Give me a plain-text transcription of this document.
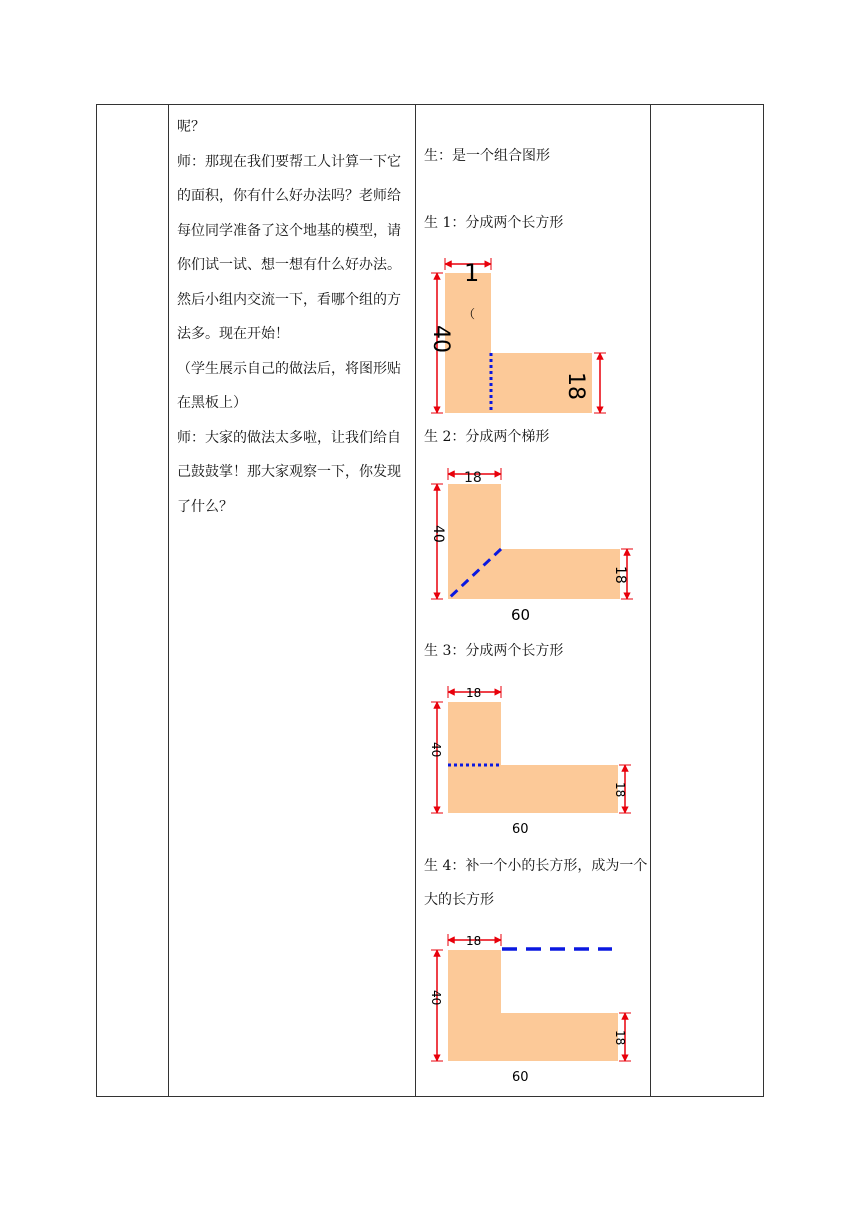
呢？

师：那现在我们要帮工人计算一下它的面积，你有什么好办法吗？老师给每位同学准备了这个地基的模型，请你们试一试、想一想有什么好办法。然后小组内交流一下，看哪个组的方法多。现在开始！

（学生展示自己的做法后，将图形贴在黑板上）

师：大家的做法太多啦，让我们给自己鼓鼓掌！那大家观察一下，你发现了什么？

生：是一个组合图形
生 1：分成两个长方形
1
（
40
18
生 2：分成两个梯形
18
40
18
60
生 3：分成两个长方形
18
40
18
60
生 4：补一个小的长方形，成为一个大的长方形
18
40
18
60
